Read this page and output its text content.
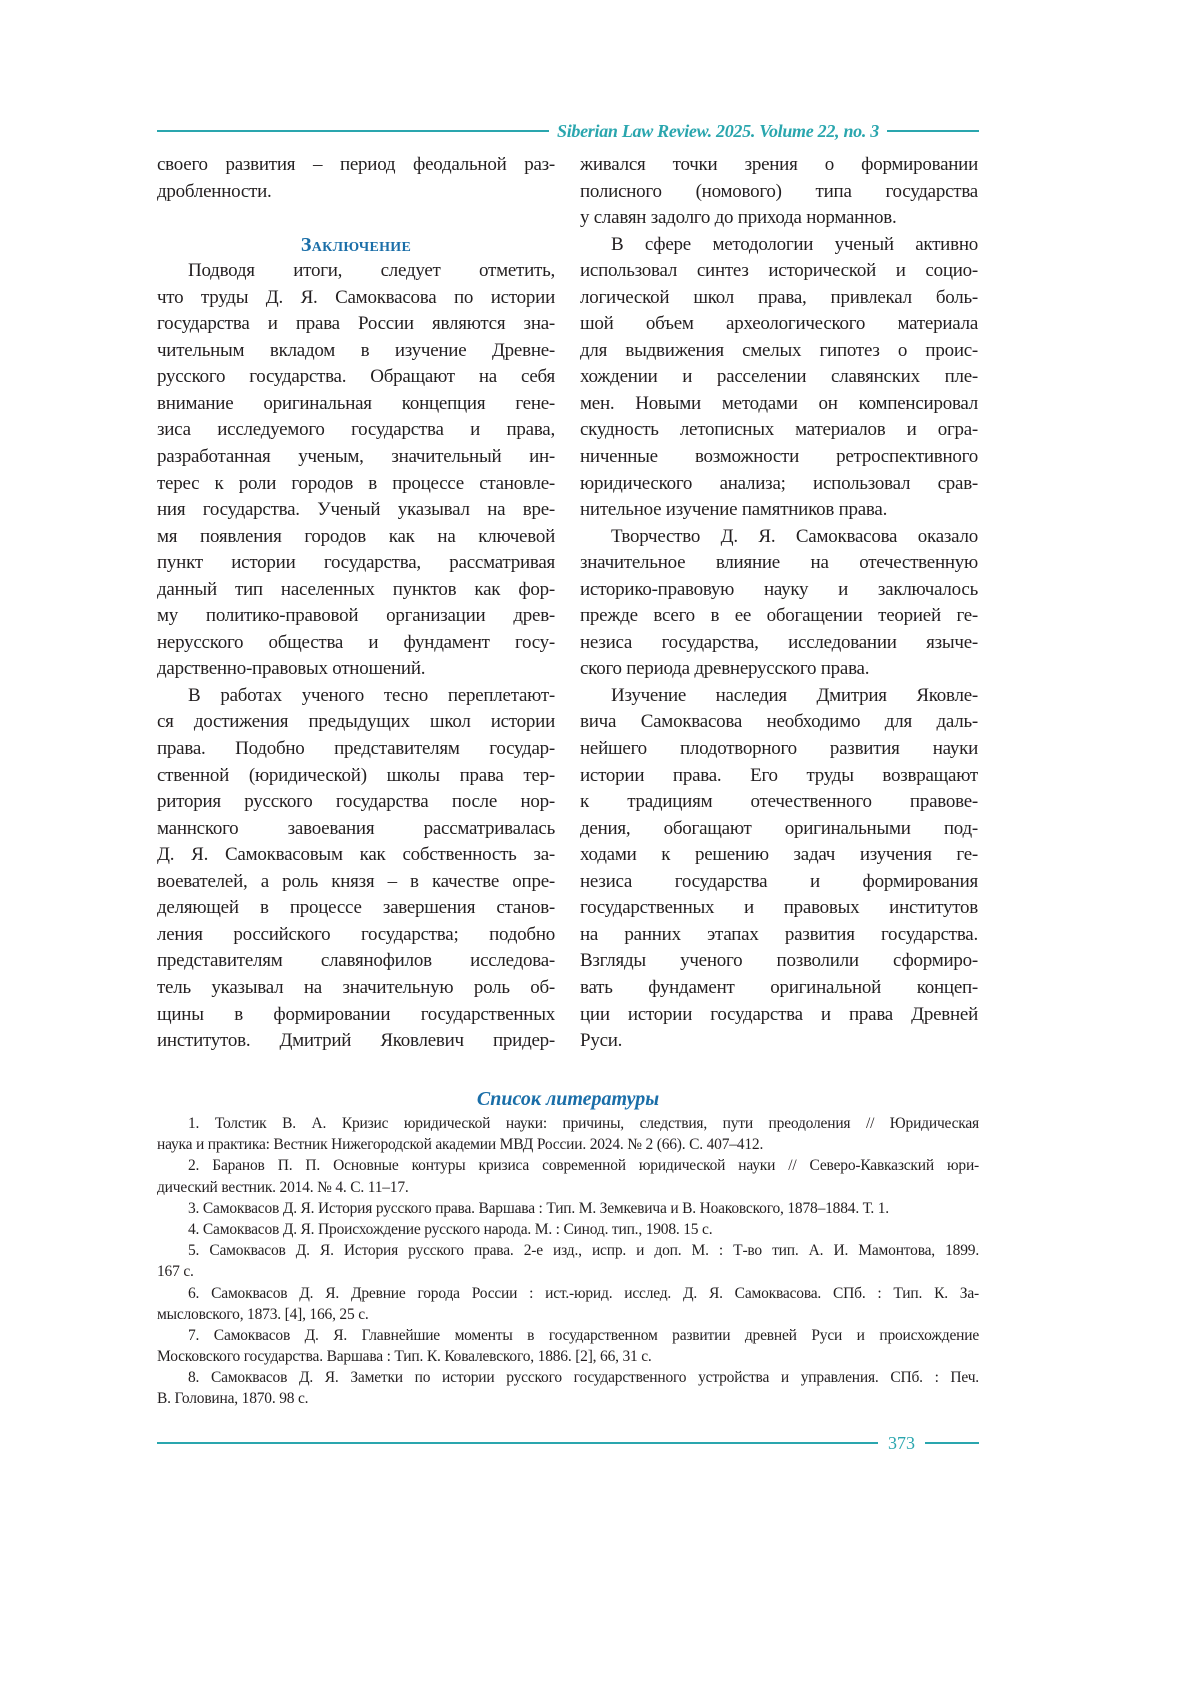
Siberian Law Review. 2025. Volume 22, no. 3
своего развития – период феодальной раз-
дробленности.
Заключение
Подводя итоги, следует отметить,
что труды Д. Я. Самоквасова по истории
государства и права России являются зна-
чительным вкладом в изучение Древне-
русского государства. Обращают на себя
внимание оригинальная концепция гене-
зиса исследуемого государства и права,
разработанная ученым, значительный ин-
терес к роли городов в процессе становле-
ния государства. Ученый указывал на вре-
мя появления городов как на ключевой
пункт истории государства, рассматривая
данный тип населенных пунктов как фор-
му политико-правовой организации древ-
нерусского общества и фундамент госу-
дарственно-правовых отношений.
В работах ученого тесно переплетают-
ся достижения предыдущих школ истории
права. Подобно представителям государ-
ственной (юридической) школы права тер-
ритория русского государства после нор-
маннского завоевания рассматривалась
Д. Я. Самоквасовым как собственность за-
воевателей, а роль князя – в качестве опре-
деляющей в процессе завершения станов-
ления российского государства; подобно
представителям славянофилов исследова-
тель указывал на значительную роль об-
щины в формировании государственных
институтов. Дмитрий Яковлевич придер-
живался точки зрения о формировании
полисного (номового) типа государства
у славян задолго до прихода норманнов.
В сфере методологии ученый активно
использовал синтез исторической и социо-
логической школ права, привлекал боль-
шой объем археологического материала
для выдвижения смелых гипотез о проис-
хождении и расселении славянских пле-
мен. Новыми методами он компенсировал
скудность летописных материалов и огра-
ниченные возможности ретроспективного
юридического анализа; использовал срав-
нительное изучение памятников права.
Творчество Д. Я. Самоквасова оказало
значительное влияние на отечественную
историко-правовую науку и заключалось
прежде всего в ее обогащении теорией ге-
незиса государства, исследовании языче-
ского периода древнерусского права.
Изучение наследия Дмитрия Яковле-
вича Самоквасова необходимо для даль-
нейшего плодотворного развития науки
истории права. Его труды возвращают
к традициям отечественного правове-
дения, обогащают оригинальными под-
ходами к решению задач изучения ге-
незиса государства и формирования
государственных и правовых институтов
на ранних этапах развития государства.
Взгляды ученого позволили сформиро-
вать фундамент оригинальной концеп-
ции истории государства и права Древней
Руси.
Список литературы
1. Толстик В. А. Кризис юридической науки: причины, следствия, пути преодоления // Юридическая
наука и практика: Вестник Нижегородской академии МВД России. 2024. № 2 (66). С. 407–412.
2. Баранов П. П. Основные контуры кризиса современной юридической науки // Северо-Кавказский юри-
дический вестник. 2014. № 4. С. 11–17.
3. Самоквасов Д. Я. История русского права. Варшава : Тип. М. Земкевича и В. Ноаковского, 1878–1884. Т. 1.
4. Самоквасов Д. Я. Происхождение русского народа. М. : Синод. тип., 1908. 15 с.
5. Самоквасов Д. Я. История русского права. 2-е изд., испр. и доп. М. : Т-во тип. А. И. Мамонтова, 1899.
167 с.
6. Самоквасов Д. Я. Древние города России : ист.-юрид. исслед. Д. Я. Самоквасова. СПб. : Тип. К. За-
мысловского, 1873. [4], 166, 25 с.
7. Самоквасов Д. Я. Главнейшие моменты в государственном развитии древней Руси и происхождение
Московского государства. Варшава : Тип. К. Ковалевского, 1886. [2], 66, 31 с.
8. Самоквасов Д. Я. Заметки по истории русского государственного устройства и управления. СПб. : Печ.
В. Головина, 1870. 98 с.
373
